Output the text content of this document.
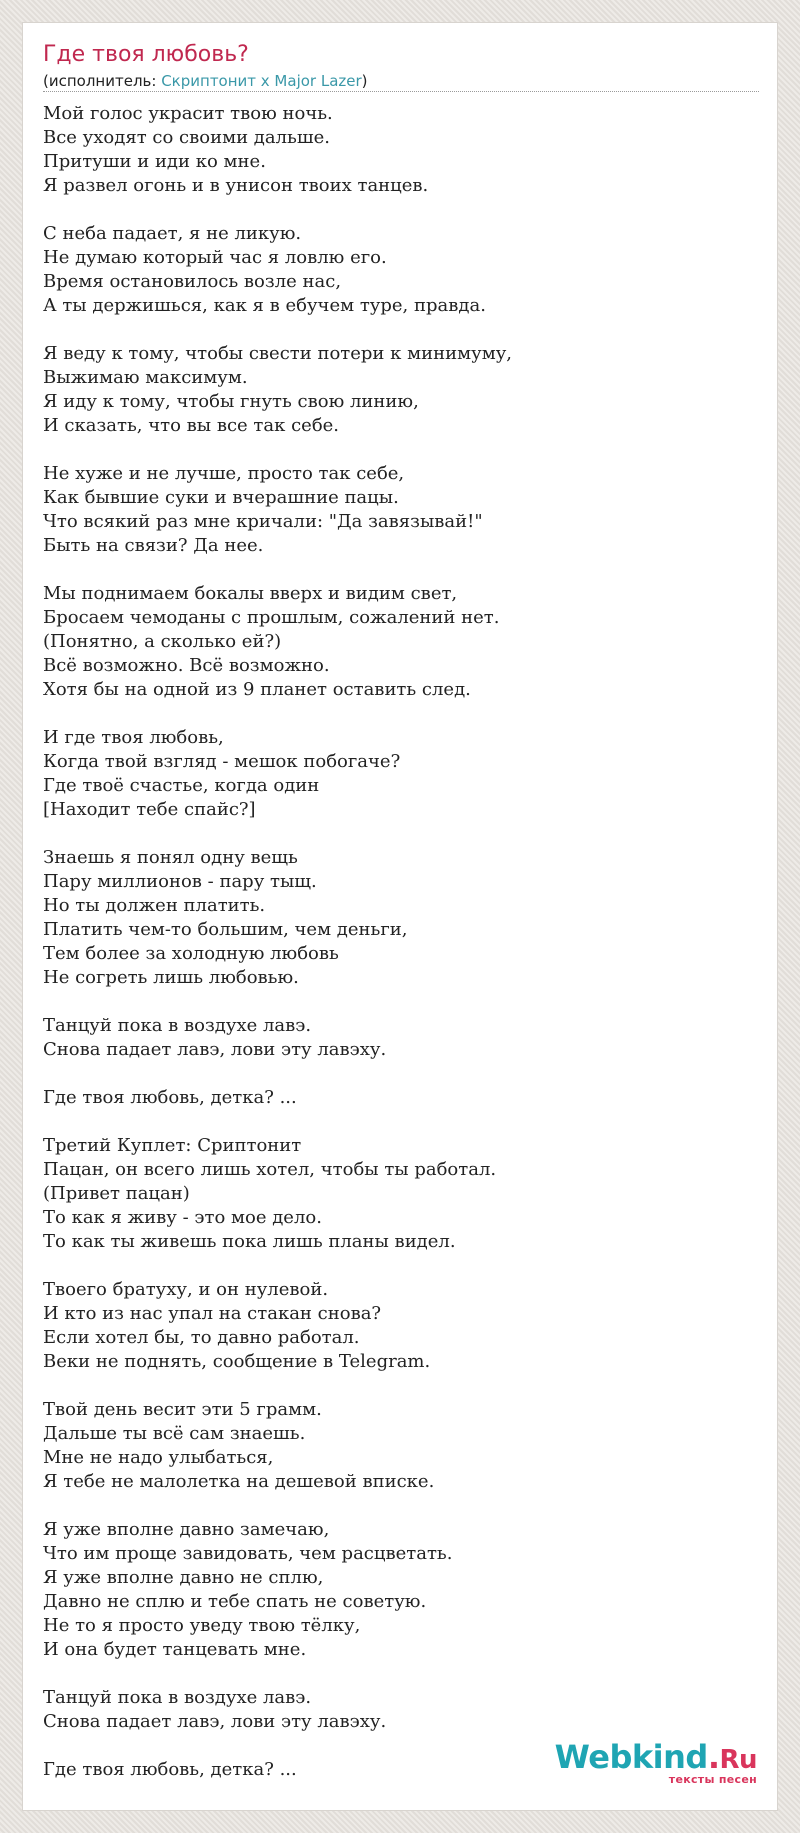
Где твоя любовь?
(исполнитель: Скриптонит x Major Lazer)
Мой голос украсит твою ночь.
Все уходят со своими дальше.
Притуши и иди ко мне.
Я развел огонь и в унисон твоих танцев.
С неба падает, я не ликую.
Не думаю который час я ловлю его.
Время остановилось возле нас,
А ты держишься, как я в ебучем туре, правда.
Я веду к тому, чтобы свести потери к минимуму,
Выжимаю максимум.
Я иду к тому, чтобы гнуть свою линию,
И сказать, что вы все так себе.
Не хуже и не лучше, просто так себе,
Как бывшие суки и вчерашние пацы.
Что всякий раз мне кричали: "Да завязывай!"
Быть на связи? Да нее.
Мы поднимаем бокалы вверх и видим свет,
Бросаем чемоданы с прошлым, сожалений нет.
(Понятно, а сколько ей?)
Всё возможно. Всё возможно.
Хотя бы на одной из 9 планет оставить след.
И где твоя любовь,
Когда твой взгляд - мешок побогаче?
Где твоё счастье, когда один
[Находит тебе спайс?]
Знаешь я понял одну вещь
Пару миллионов - пару тыщ.
Но ты должен платить.
Платить чем-то большим, чем деньги,
Тем более за холодную любовь
Не согреть лишь любовью.
Танцуй пока в воздухе лавэ.
Снова падает лавэ, лови эту лавэху.
Где твоя любовь, детка? ...
Третий Куплет: Сриптонит
Пацан, он всего лишь хотел, чтобы ты работал.
(Привет пацан)
То как я живу - это мое дело.
То как ты живешь пока лишь планы видел.
Твоего братуху, и он нулевой.
И кто из нас упал на стакан снова?
Если хотел бы, то давно работал.
Веки не поднять, сообщение в Telegram.
Твой день весит эти 5 грамм.
Дальше ты всё сам знаешь.
Мне не надо улыбаться,
Я тебе не малолетка на дешевой вписке.
Я уже вполне давно замечаю,
Что им проще завидовать, чем расцветать.
Я уже вполне давно не сплю,
Давно не сплю и тебе спать не советую.
Не то я просто уведу твою тёлку,
И она будет танцевать мне.
Танцуй пока в воздухе лавэ.
Снова падает лавэ, лови эту лавэху.
Где твоя любовь, детка? ...	Webkind.Ru
тексты песен
